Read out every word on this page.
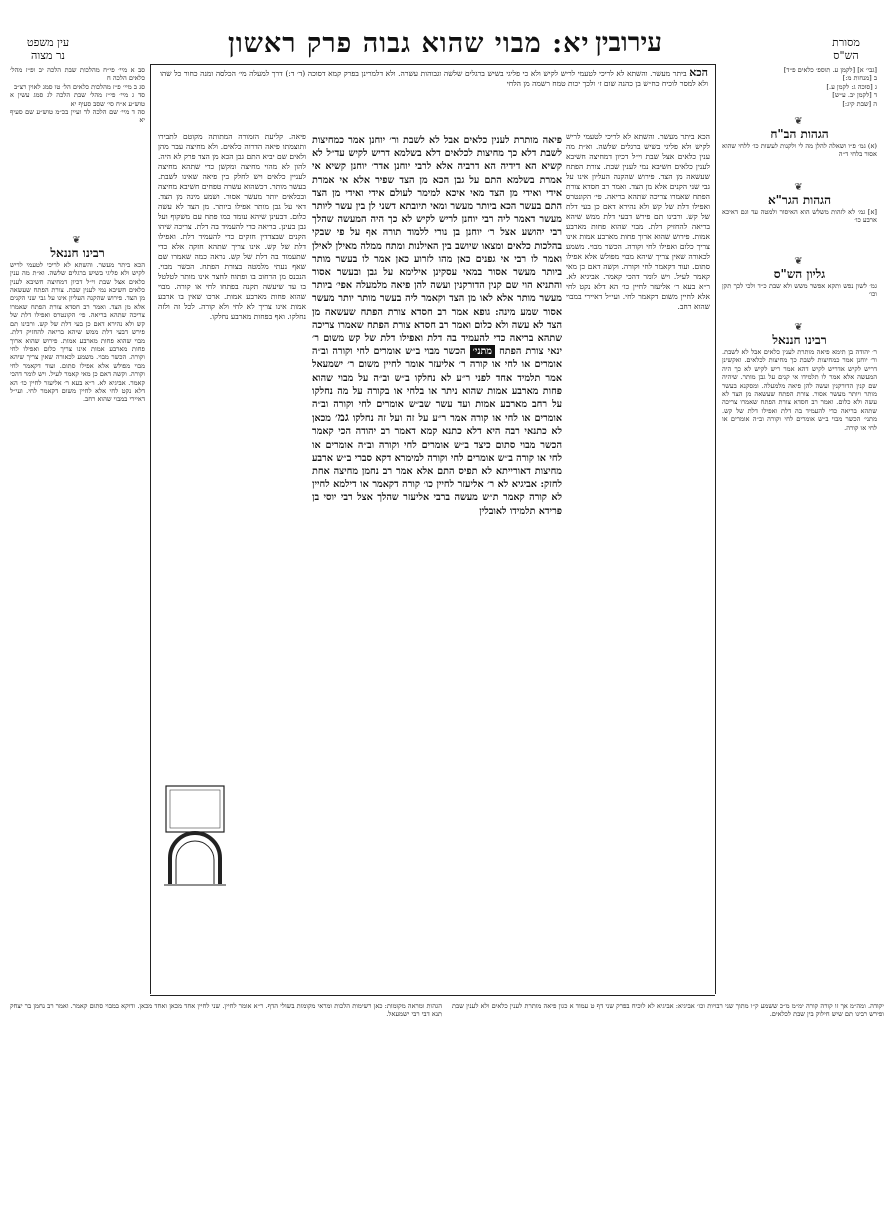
עין משפט
נר מצוה	יא: מבוי שהוא גבוה פרק ראשון עירובין	מסורת
הש"ס
[גבי׳ א] [לקמן ע. תוספ׳ כלאים פ״ד]
ב [מנחות מ:]
ג [סוכה ג: לקמן ע.]
ד [לקמן יב. ע״ש]
ה [שבת קיג:]
❦
הגהות הב"ח
(א) גמ׳ פ״ו ושאלה להלן מה לי ולקנות לעשות כו׳ ללחי שהוא אסור בלחי ד״ה
❦
הגהות הגר"א
[א] גמ׳ לא לזהות משלש הוא האיסור ולמטה עד וגם דאיכא ארבע כו׳
❦
גליון הש"ס
גמ׳ לשון נפש ותקא אפשר משש ולא שבת כ״ד ולכי לכך תקן וכו׳
❦
רבינו חננאל
ר׳ יהודה בן תימא פיאה מותרת לענין כלאים אבל לא לשבת. ור׳ יוחנן אמר כמחיצות לשבת כך מחיצות לכלאים. ואקשינן דריש לקיש אדריש לקיש דהא אמר ריש לקיש לא כך היה המעשה אלא אמר לו תלמידו אי קנים על גבן מותר. שיהיה שם קנין הדורקנין ועשה להן פיאה מלמעלה. ומסקנא בעשר מותר ויותר מעשר אסור. צורת הפתח שעשאה מן הצד לא עשה ולא כלום. ואמר רב חסדא צורת הפתח שאמרו צריכה שתהא בריאה כדי להעמיד בה דלת ואפילו דלת של קש. מתני׳ הכשר מבוי ב״ש אומרים לחי וקורה וב״ה אומרים או לחי או קורה.
סב א מיי׳ פי״ח מהלכות שבת הלכה יב ופ״ז מהל׳ כלאים הלכה ח
סג ב מיי׳ פ״ז מהלכות כלאים הל׳ טו סמג לאוין רצ״ב
סד ג מיי׳ פי״ז מהל׳ שבת הלכה לג סמג עשין א טוש״ע א״ח סי׳ שסב סעיף יא
סה ד מיי׳ שם הלכה לד ועיין בכ״מ טוש״ע שם סעיף יא
❦
רבינו חננאל
הכא ביתר מעשר. והשתא לא לריכי לטעמי לריש לקיש ולא פליגי בשיש ברגלים שלשה. וא״ת מה ענין כלאים אצל שבת וי״ל דכיון דמחיצה חשיבא לענין כלאים חשיבא נמי לענין שבת. צורת הפתח שעשאה מן הצד. פירוש שהקנה העליון אינו על גבי שני הקנים אלא מן הצד. ואמר רב חסדא צורת הפתח שאמרו צריכה שתהא בריאה. פי׳ הקונטרס ואפילו דלת של קש ולא נהירא דאם כן בעי דלת של קש. ורבינו תם פירש דבעי דלת ממש שיהא בריאה להחזיק דלת. מבוי שהוא פחות מארבע אמות. פירוש שהוא ארוך פחות מארבע אמות אינו צריך כלום ואפילו לחי וקורה. הכשר מבוי. משמע לכאורה שאין צריך שיהא מבוי מפולש אלא אפילו סתום. ועוד דקאמר לחי וקורה. וקשה דאם כן מאי קאמר לעיל. ויש לומר דהכי קאמר. אביגיא לא. ר״א בעא ר׳ אליעזר לחיין כו׳ הא דלא נקט לחי אלא לחיין משום דקאמר לחי. ועי״ל דאיירי במבוי שהוא רחב.
הכא ביתר מעשר. והשתא לא לריכי לטעמי לריש לקיש ולא כי פליגי בשיש ברגלים שלשה וגבוהות עשרה. ולא דלמרינן בפרק קמא דסוכה (ד׳ ד:) דרך למעלה מי׳ הכלסה ומנה כחור כל שהו ולא למסר לוכיח כח״ש בן כהנה שום ז׳ ולכך יכות טמח רשמה מן הלחי
פיאה. קליעת הזמורה המתותה מקוטם לתבירו ותוצמתו פיאה הדרוה כלאים. ולא מחיצה עבר מהן ולאים שם יביא התם גבן הכא מן הצד פרק לא היה. להון לא מהוי מחיצה ומקשן כדי שתהא מחיצה לעניין כלאים ויש לחלק בין פיאה שאינו לשבת. בעשר מותר. דכשהוא עשרה טפחים חשיבא מחיצה ובכלאים יותר מעשר אסור. ושמע מינה מן הצד. דאי על גבן מותר אפילו ביותר. מן הצד לא עשה כלום. דבעינן שיהא עומד כמו פתח עם משקוף ועל גבן בעינן. בריאה כדי להעמיד בה דלת. צריכה שיהו הקנים שבצדדין חזקים כדי להעמיד דלת. ואפילו דלת של קש. אינו צריך שתהא חזקה אלא כדי שתעמוד בה דלת של קש. נראה כמה שאמרו שם שאף נעתי מלמטה בצורת הפתח. הכשר מבוי. הנכנס מן הרחוב בו ופתוח לחצר אינו מותר לטלטל בו עד שיעשה תקנה בפתחו לחי או קורה. מבוי שהוא פחות מארבע אמות. ארכו שאין בו ארבע אמות אינו צריך לא לחי ולא קורה. לכל זה ולזה נחלקו. ואף בפחות מארבע נחלקו.
הכא ביתר מעשר. והשתא לא לריכי לטעמי לריש לקיש ולא פליגי בשיש ברגלים שלשה. וא״ת מה ענין כלאים אצל שבת וי״ל דכיון דמחיצה חשיבא לענין כלאים חשיבא נמי לענין שבת. צורת הפתח שעשאה מן הצד. פירוש שהקנה העליון אינו על גבי שני הקנים אלא מן הצד. ואמר רב חסדא צורת הפתח שאמרו צריכה שתהא בריאה. פי׳ הקונטרס ואפילו דלת של קש ולא נהירא דאם כן בעי דלת של קש. ורבינו תם פירש דבעי דלת ממש שיהא בריאה להחזיק דלת. מבוי שהוא פחות מארבע אמות. פירוש שהוא ארוך פחות מארבע אמות אינו צריך כלום ואפילו לחי וקורה. הכשר מבוי. משמע לכאורה שאין צריך שיהא מבוי מפולש אלא אפילו סתום. ועוד דקאמר לחי וקורה. וקשה דאם כן מאי קאמר לעיל. ויש לומר דהכי קאמר. אביגיא לא. ר״א בעא ר׳ אליעזר לחיין כו׳ הא דלא נקט לחי אלא לחיין משום דקאמר לחי. ועי״ל דאיירי במבוי שהוא רחב.
פיאה מותרת לענין כלאים אבל לא לשבת ור׳ יוחנן אמר כמחיצות לשבת דלא כך מחיצות לכלאים דלא בשלמא דריש לקיש עד״ל לא קשיא הא דידיה הא דרביה אלא לרבי יוחנן אדר׳ יוחנן קשיא אי אמרת בשלמא התם על גבן הכא מן הצד שפיר אלא אי אמרת אידי ואידי מן הצד מאי איכא למימר לעולם אידי ואידי מן הצד התם בעשר הכא ביותר מעשר ומאי תיובתא דשני לן בין עשר ליותר מעשר דאמר ליה רבי יוחנן לריש לקיש לא כך היה המעשה שהלך רבי יהושע אצל ר׳ יוחנן בן נורי ללמוד תורה אף על פי שבקי בהלכות כלאים ומצאו שיושב בין האילנות ומתח ממלה מאילן לאילן ואמר לו רבי אי גפנים כאן מהו לזרוע כאן אמר לו בעשר מותר ביותר מעשר אסור במאי עסקינן אילימא על גבן ובעשר אסור והתניא הוי שם קנין הדורקנין ועשה להן פיאה מלמעלה אפי׳ ביותר מעשר מותר אלא לאו מן הצד וקאמר ליה בעשר מותר יותר מעשר אסור שמע מינה: גופא אמר רב חסדא צורת הפתח שעשאה מן הצד לא עשה ולא כלום ואמר רב חסדא צורת הפתח שאמרו צריכה שתהא בריאה כדי להעמיד בה דלת ואפילו דלת של קש משום ר׳ ינאי צורת הפתח מתני׳ הכשר מבוי ב״ש אומרים לחי וקורה וב״ה אומרים או לחי או קורה ר׳ אליעזר אומר לחיין משום ר׳ ישמעאל אמר תלמיד אחד לפני ר״ע לא נחלקו ב״ש וב״ה על מבוי שהוא פחות מארבע אמות שהוא ניתר או בלחי או בקורה על מה נחלקו על רחב מארבע אמות ועד עשר שב״ש אומרים לחי וקורה וב״ה אומרים או לחי או קורה אמר ר״ע על זה ועל זה נחלקו גמ׳ מכאן לא כתנאי רבה היא דלא כתנא קמא דאמר רב יהודה הכי קאמר הכשר מבוי סתום כיצד ב״ש אומרים לחי וקורה וב״ה אומרים או לחי או קורה ב״ש אומרים לחי וקורה למימרא דקא סברי ב״ש ארבע מחיצות דאורייתא לא תפיס התם אלא אמר רב נחמן מחיצה אחת לחזק: אביגיא לא ר׳ אליעזר לחיין כו׳ קורה דקאמר או דילמא לחיין לא קורה קאמר ת״ש מעשה ברבי אליעזר שהלך אצל רבי יוסי בן פרידא תלמידו לאובלין
יקודה. ומה״מ אך זו קורה קורה ימ״מ מ״כ ששמע ק״ו מתוך שני רבויות וכו׳ אביגיא: אביגיא לא לוכיח בפרק שני דף ט עמוד א כגון פיאה מותרת לענין כלאים ולא לענין שבת ופירש רבינו תם שיש חילוק בין שבת לכלאים.
הגהות ומראה מקומות: כאן רשימות הלכות ומראי מקומות בשולי הדף. ר״א אומר לחיין. שני לחיין אחד מכאן ואחד מכאן. ודוקא במבוי סתום קאמר. ואמר רב נחמן בר יצחק תנא דבי רבי ישמעאל.
